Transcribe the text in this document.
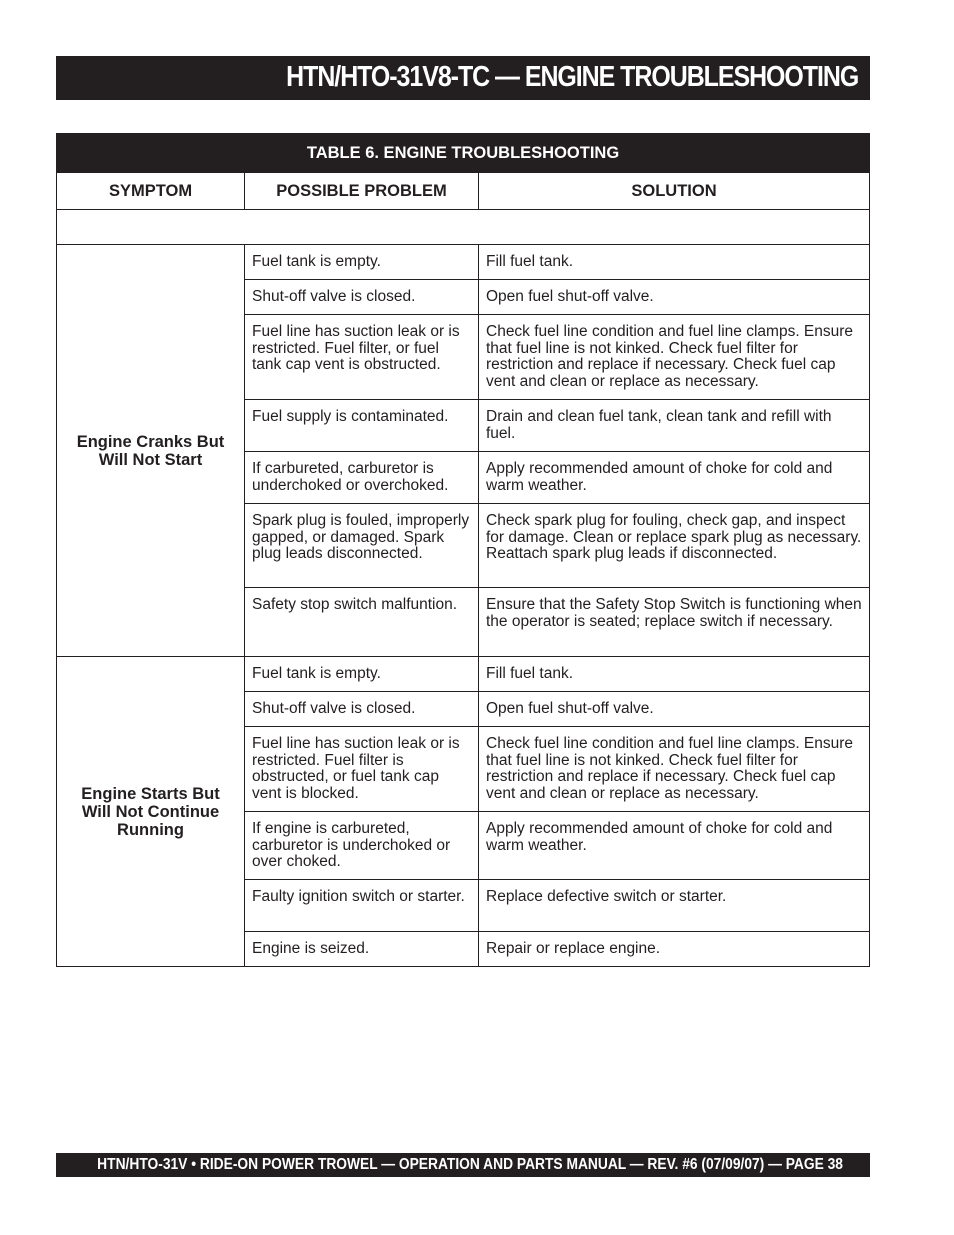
HTN/HTO-31V8-TC — ENGINE TROUBLESHOOTING
TABLE 6. ENGINE TROUBLESHOOTING		
SYMPTOM	POSSIBLE PROBLEM	SOLUTION

Engine Cranks But Will Not Start	Fuel tank is empty.	Fill fuel tank.
	Shut-off valve is closed.	Open fuel shut-off valve.
	Fuel line has suction leak or is restricted. Fuel filter, or fuel tank cap vent is obstructed.	Check fuel line condition and fuel line clamps. Ensure that fuel line is not kinked. Check fuel filter for restriction and replace if necessary. Check fuel cap vent and clean or replace as necessary.
	Fuel supply is contaminated.	Drain and clean fuel tank, clean tank and refill with fuel.
	If carbureted, carburetor is underchoked or overchoked.	Apply recommended amount of choke for cold and warm weather.
	Spark plug is fouled, improperly gapped, or damaged. Spark plug leads disconnected.	Check spark plug for fouling, check gap, and inspect for damage. Clean or replace spark plug as necessary. Reattach spark plug leads if disconnected.
	Safety stop switch malfuntion.	Ensure that the Safety Stop Switch is functioning when the operator is seated; replace switch if necessary.
Engine Starts But Will Not Continue Running	Fuel tank is empty.	Fill fuel tank.
	Shut-off valve is closed.	Open fuel shut-off valve.
	Fuel line has suction leak or is restricted. Fuel filter is obstructed, or fuel tank cap vent is blocked.	Check fuel line condition and fuel line clamps. Ensure that fuel line is not kinked. Check fuel filter for restriction and replace if necessary. Check fuel cap vent and clean or replace as necessary.
	If engine is carbureted, carburetor is underchoked or over choked.	Apply recommended amount of choke for cold and warm weather.
	Faulty ignition switch or starter.	Replace defective switch or starter.
	Engine is seized.	Repair or replace engine.
HTN/HTO-31V • RIDE-ON POWER TROWEL — OPERATION AND PARTS MANUAL — REV. #6 (07/09/07) — PAGE 38
